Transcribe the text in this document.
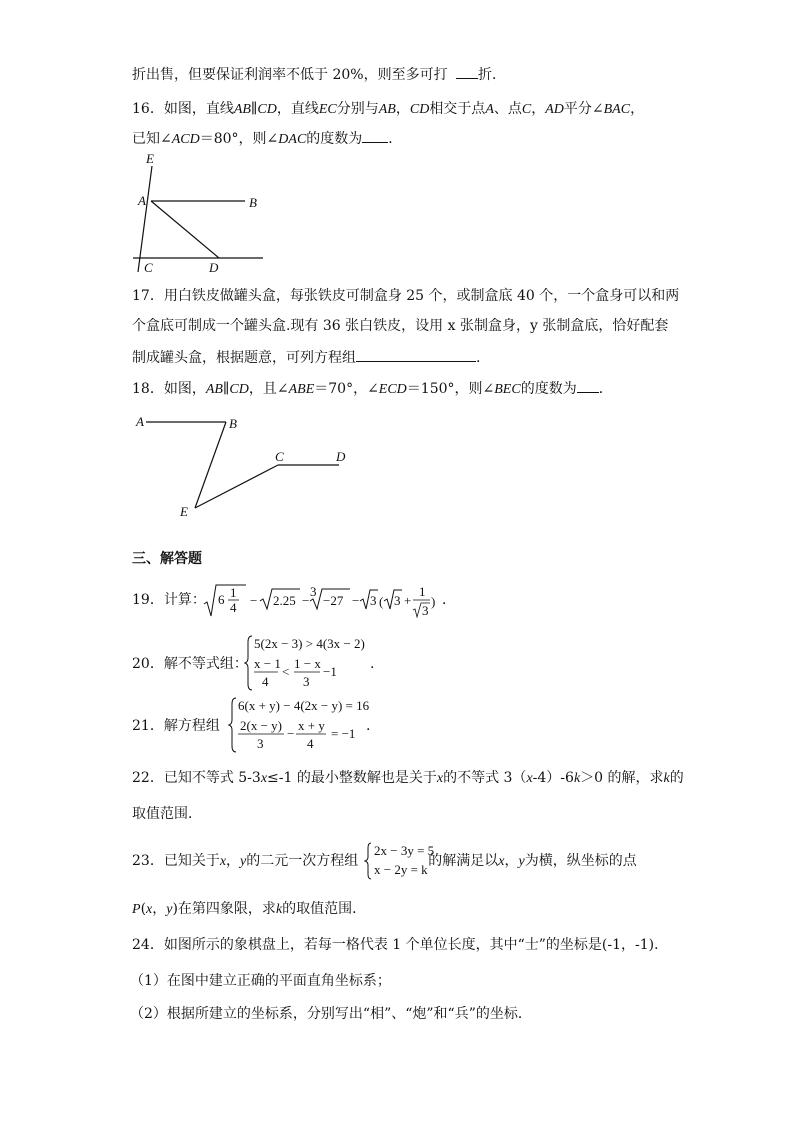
折出售，但要保证利润率不低于 20%，则至多可打 折．
16．如图，直线AB∥CD，直线EC分别与AB，CD相交于点A、点C，AD平分∠BAC，
已知∠ACD＝80°，则∠DAC的度数为 ．
E
A	B
C	D
17．用白铁皮做罐头盒，每张铁皮可制盒身 25 个，或制盒底 40 个，一个盒身可以和两
个盒底可制成一个罐头盒.现有 36 张白铁皮，设用 x 张制盒身，y 张制盒底，恰好配套
制成罐头盒，根据题意，可列方程组	.
18．如图，AB∥CD，且∠ABE＝70°，∠ECD＝150°，则∠BEC的度数为 ．
A	B
C	D
E
三、解答题
19．计算： 6 1
4 − 2.25 −
3
−27 − 3 ( 3 +
1
3
) ．
20．解不等式组：
5(2x − 3) > 4(3x − 2)
x − 1
4
<
1 − x
3
−1 .
21．解方程组
6(x + y) − 4(2x − y) = 16
2(x − y)
3
−
x + y
4
= −1 .
22．已知不等式 5-3x≤-1 的最小整数解也是关于x的不等式 3（x-4）-6k＞0 的解，求k的
取值范围．
23．已知关于x，y的二元一次方程组	的解满足以x，y为横，纵坐标的点
2x − 3y = 5
x − 2y = k
P(x，y)在第四象限，求k的取值范围．
24．如图所示的象棋盘上，若每一格代表 1 个单位长度，其中“士”的坐标是(-1，-1)．
（1）在图中建立正确的平面直角坐标系；
（2）根据所建立的坐标系，分别写出“相”、“炮”和“兵”的坐标．
